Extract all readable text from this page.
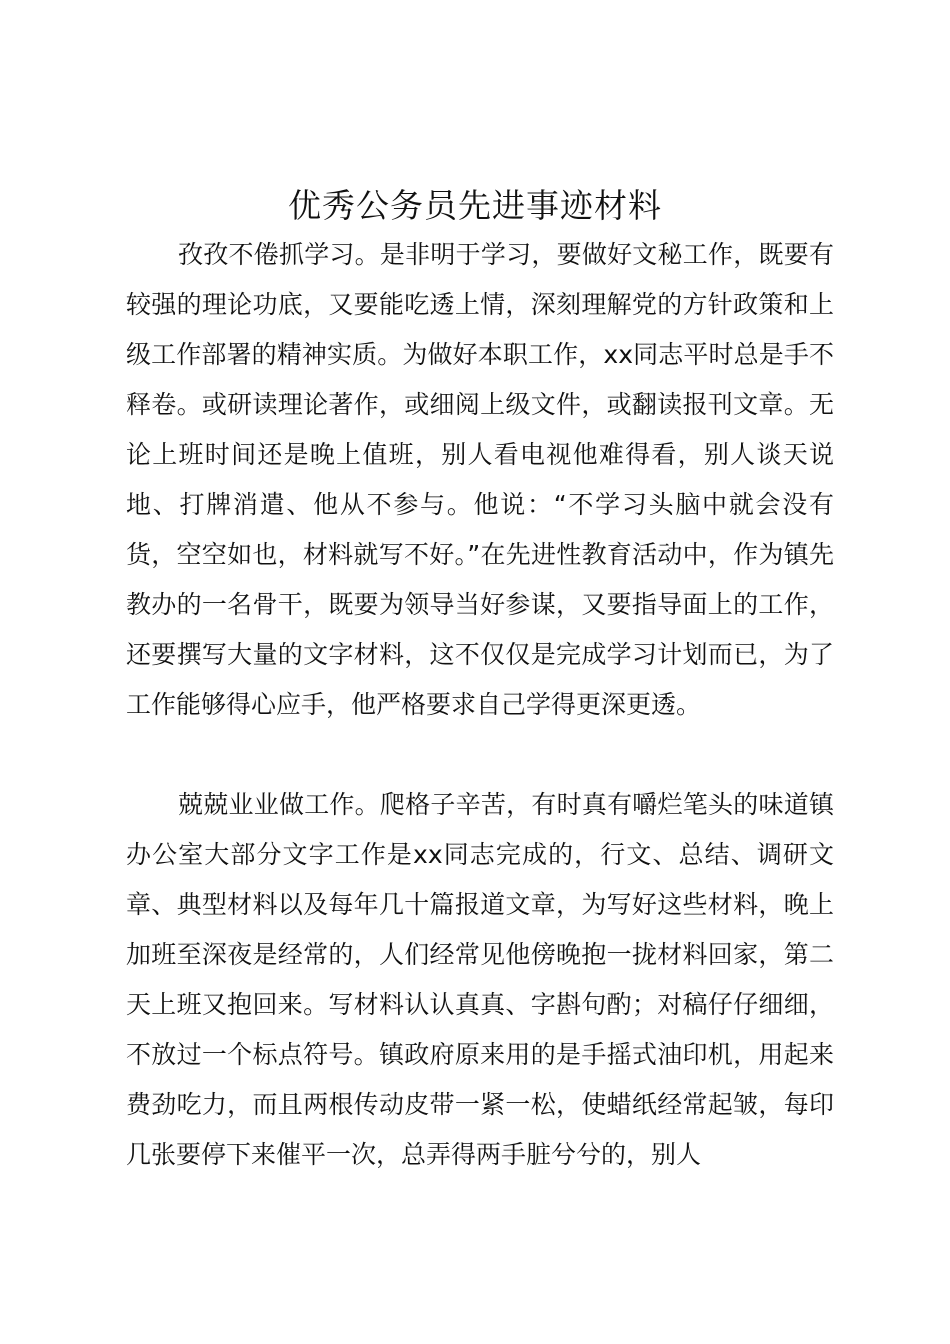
优秀公务员先进事迹材料

孜孜不倦抓学习。是非明于学习，要做好文秘工作，既要有较强的理论功底，又要能吃透上情，深刻理解党的方针政策和上级工作部署的精神实质。为做好本职工作，xx同志平时总是手不释卷。或研读理论著作，或细阅上级文件，或翻读报刊文章。无论上班时间还是晚上值班，别人看电视他难得看，别人谈天说地、打牌消遣、他从不参与。他说：“不学习头脑中就会没有货，空空如也，材料就写不好。”在先进性教育活动中，作为镇先教办的一名骨干，既要为领导当好参谋，又要指导面上的工作，还要撰写大量的文字材料，这不仅仅是完成学习计划而已，为了工作能够得心应手，他严格要求自己学得更深更透。

兢兢业业做工作。爬格子辛苦，有时真有嚼烂笔头的味道镇办公室大部分文字工作是xx同志完成的，行文、总结、调研文章、典型材料以及每年几十篇报道文章，为写好这些材料，晚上加班至深夜是经常的，人们经常见他傍晚抱一拢材料回家，第二天上班又抱回来。写材料认认真真、字斟句酌；对稿仔仔细细，不放过一个标点符号。镇政府原来用的是手摇式油印机，用起来费劲吃力，而且两根传动皮带一紧一松，使蜡纸经常起皱，每印几张要停下来催平一次，总弄得两手脏兮兮的，别人
